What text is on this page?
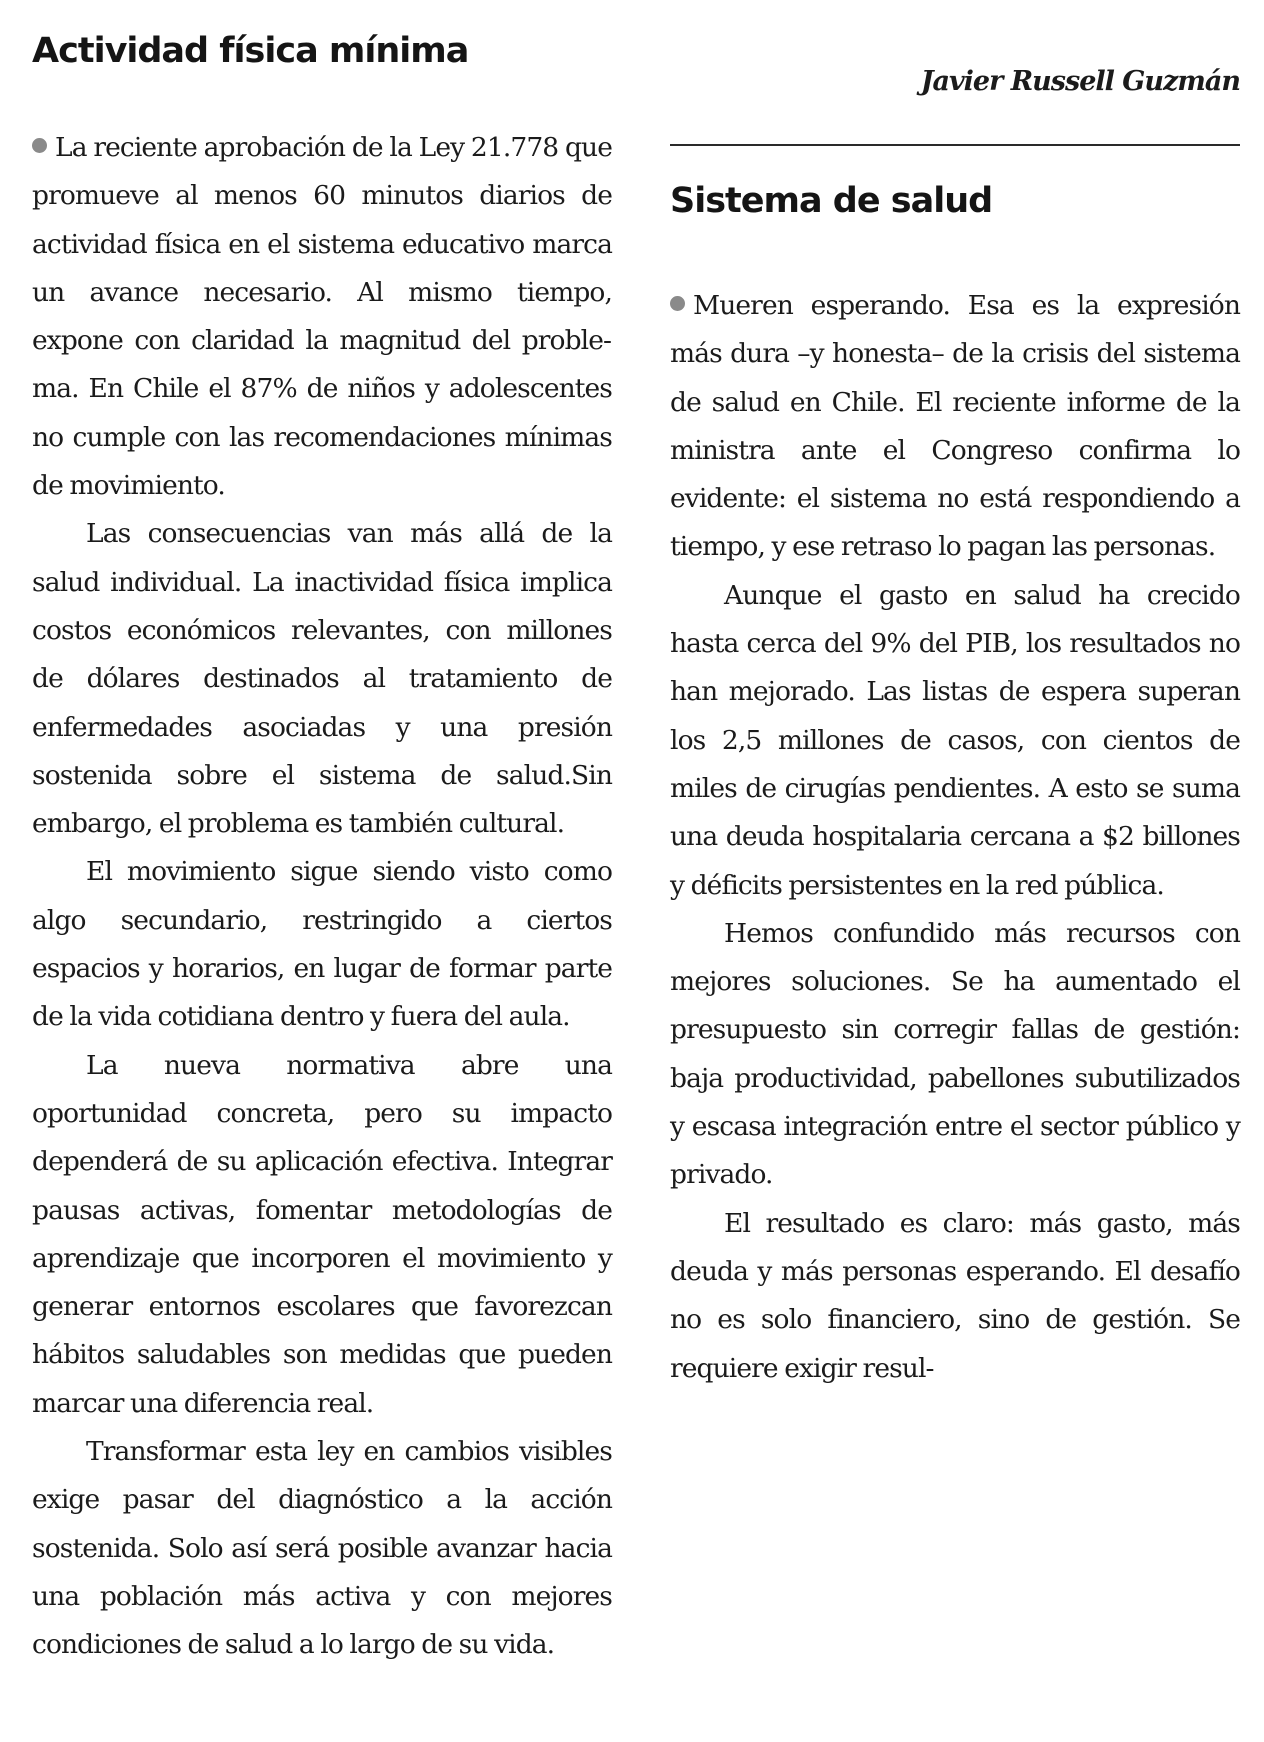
Actividad física mínima

La reciente aprobación de la Ley 21.778 que promueve al menos 60 minutos diarios de actividad física en el sistema educativo marca un avance necesario. Al mismo tiempo, expone con claridad la magnitud del problema. En Chile el 87% de niños y adolescentes no cumple con las recomendaciones mínimas de movimiento.

Las consecuencias van más allá de la salud individual. La inactividad física implica costos económicos relevantes, con millones de dólares destinados al tratamiento de enfermedades asociadas y una presión sostenida sobre el sistema de salud.Sin embargo, el problema es también cultural.

El movimiento sigue siendo visto como algo secundario, restringido a ciertos espacios y horarios, en lugar de formar parte de la vida cotidiana dentro y fuera del aula.

La nueva normativa abre una oportunidad concreta, pero su impacto dependerá de su aplicación efectiva. Integrar pausas activas, fomentar metodologías de aprendizaje que incorporen el movimiento y generar entornos escolares que favorezcan hábitos saludables son medidas que pueden marcar una diferencia real.

Transformar esta ley en cambios visibles exige pasar del diagnóstico a la acción sostenida. Solo así será posible avanzar hacia una población más activa y con mejores condiciones de salud a lo largo de su vida.

Javier Russell Guzmán
Sistema de salud

Mueren esperando. Esa es la expresión más dura –y honesta– de la crisis del sistema de salud en Chile. El reciente informe de la ministra ante el Congreso confirma lo evidente: el sistema no está respondiendo a tiempo, y ese retraso lo pagan las personas.

Aunque el gasto en salud ha crecido hasta cerca del 9% del PIB, los resultados no han mejorado. Las listas de espera superan los 2,5 millones de casos, con cientos de miles de cirugías pendientes. A esto se suma una deuda hospitalaria cercana a $2 billones y déficits persistentes en la red pública.

Hemos confundido más recursos con mejores soluciones. Se ha aumentado el presupuesto sin corregir fallas de gestión: baja productividad, pabellones subutilizados y escasa integración entre el sector público y privado.

El resultado es claro: más gasto, más deuda y más personas esperando. El desafío no es solo financiero, sino de gestión. Se requiere exigir resul-
